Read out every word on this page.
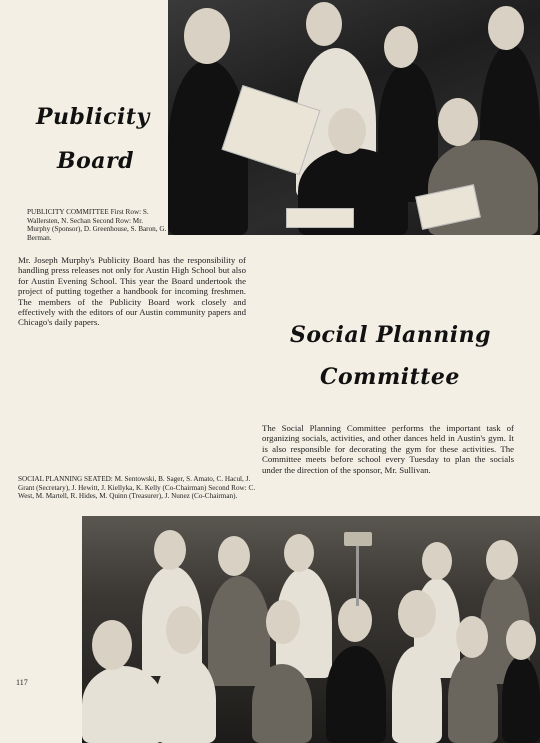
Publicity
Board
PUBLICITY COMMITTEE First Row: S. Wallersten, N. Sechan Second Row: Mr. Murphy (Sponsor), D. Greenhouse, S. Baron, G. Berman.
Mr. Joseph Murphy's Publicity Board has the responsibility of handling press releases not only for Austin High School but also for Austin Evening School. This year the Board undertook the project of putting together a handbook for incoming freshmen. The members of the Publicity Board work closely and effectively with the editors of our Austin community papers and Chicago's daily papers.	Social Planning
Committee
The Social Planning Committee performs the important task of organizing socials, activities, and other dances held in Austin's gym. It is also responsible for decorating the gym for these activities. The Committee meets before school every Tuesday to plan the socials under the direction of the sponsor, Mr. Sullivan.
SOCIAL PLANNING SEATED: M. Sentowski, B. Sager, S. Amato, C. Hacul, J. Grant (Secretary), J. Hewitt, J. Kiellyka, K. Kelly (Co-Chairman) Second Row: C. West, M. Martell, R. Hides, M. Quinn (Treasurer), J. Nunez (Co-Chairman).
117
